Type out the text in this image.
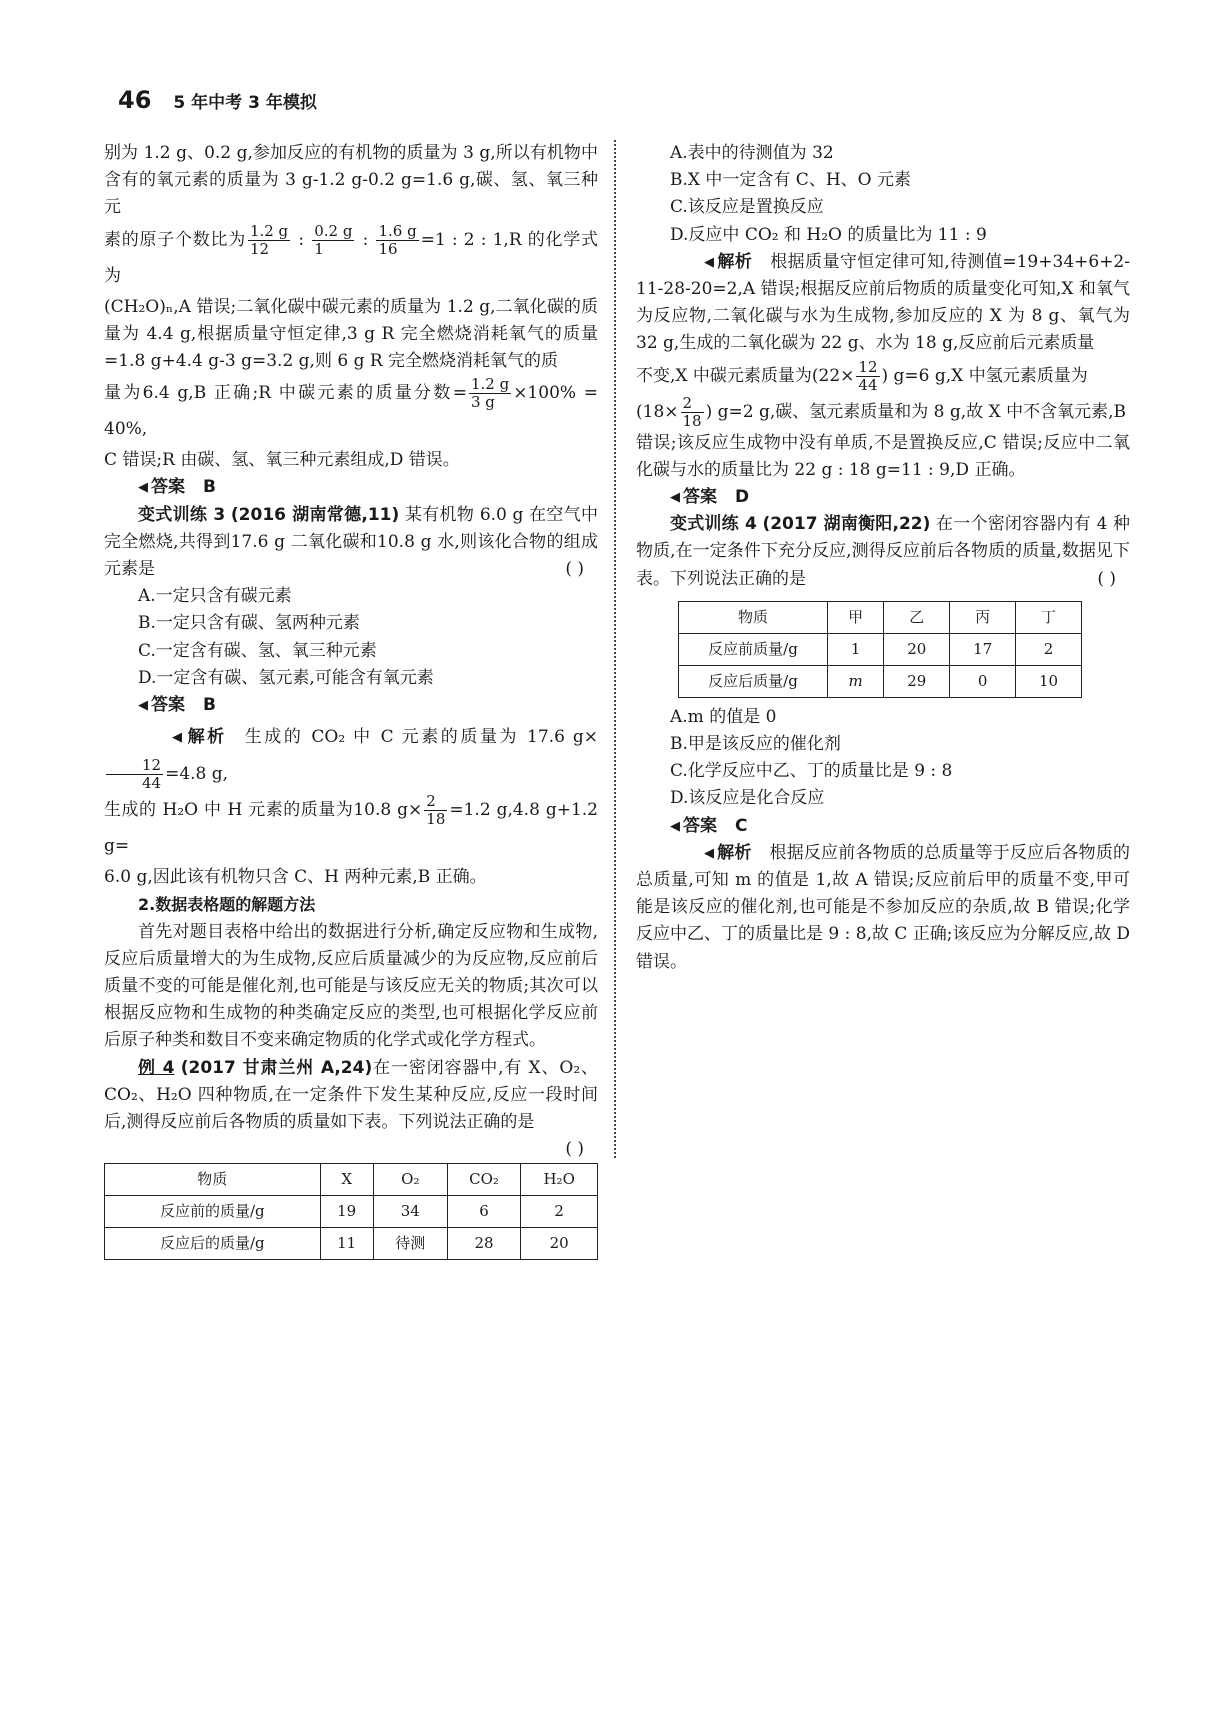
46 5 年中考 3 年模拟

别为 1.2 g、0.2 g,参加反应的有机物的质量为 3 g,所以有机物中含有的氧元素的质量为 3 g-1.2 g-0.2 g=1.6 g,碳、氢、氧三种元

素的原子个数比为 $\frac{1.2 g}{12}$ : $\frac{0.2 g}{1}$ : $\frac{1.6 g}{16} =1$ : 2 : 1,R 的化学式为

(CH₂O)ₙ,A 错误;二氧化碳中碳元素的质量为 1.2 g,二氧化碳的质量为 4.4 g,根据质量守恒定律,3 g R 完全燃烧消耗氧气的质量=1.8 g+4.4 g-3 g=3.2 g,则 6 g R 完全燃烧消耗氧气的质

量为6.4 g,B 正确;R 中碳元素的质量分数= $\frac{1.2 g}{3 g} \times 100\% = 40\%$,

C 错误;R 由碳、氢、氧三种元素组成,D 错误。

◀ 答案 B

变式训练 3 (2016 湖南常德,11) 某有机物 6.0 g 在空气中完全燃烧,共得到17.6 g 二氧化碳和10.8 g 水,则该化合物的组成元素是	( )

A.一定只含有碳元素

B.一定只含有碳、氢两种元素

C.一定含有碳、氢、氧三种元素

D.一定含有碳、氢元素,可能含有氧元素

◀ 答案 B

◀ 解析 生成的 CO₂ 中 C 元素的质量为 17.6 g×
$\frac{12}{44} =4.8$ g,

生成的 H₂O 中 H 元素的质量为10.8 $g\times \frac{2}{18} =1.2$ g,4.8 g+1.2 g=

6.0 g,因此该有机物只含 C、H 两种元素,B 正确。

2.数据表格题的解题方法

首先对题目表格中给出的数据进行分析,确定反应物和生成物,反应后质量增大的为生成物,反应后质量减少的为反应物,反应前后质量不变的可能是催化剂,也可能是与该反应无关的物质;其次可以根据反应物和生成物的种类确定反应的类型,也可根据化学反应前后原子种类和数目不变来确定物质的化学式或化学方程式。

例 4 (2017 甘肃兰州 A,24)在一密闭容器中,有 X、O₂、CO₂、H₂O 四种物质,在一定条件下发生某种反应,反应一段时间后,测得反应前后各物质的质量如下表。下列说法正确的是
( )

物质	X	O₂	CO₂	H₂O
反应前的质量/g	19	34	6	2
反应后的质量/g	11	待测	28	20

A.表中的待测值为 32

B.X 中一定含有 C、H、O 元素

C.该反应是置换反应

D.反应中 CO₂ 和 H₂O 的质量比为 11 : 9

◀ 解析 根据质量守恒定律可知,待测值=19+34+6+2-11-28-20=2,A 错误;根据反应前后物质的质量变化可知,X 和氧气为反应物,二氧化碳与水为生成物,参加反应的 X 为 8 g、氧气为 32 g,生成的二氧化碳为 22 g、水为 18 g,反应前后元素质量

不变,X 中碳元素质量为($22\times \frac{12}{44}$ ) g=6 g,X 中氢元素质量为

($18\times \frac{2}{18}$ ) g=2 g,碳、氢元素质量和为 8 g,故 X 中不含氧元素,B

错误;该反应生成物中没有单质,不是置换反应,C 错误;反应中二氧化碳与水的质量比为 22 g : 18 g=11 : 9,D 正确。

◀ 答案 D

变式训练 4 (2017 湖南衡阳,22) 在一个密闭容器内有 4 种物质,在一定条件下充分反应,测得反应前后各物质的质量,数据见下表。下列说法正确的是	( )

物质	甲	乙	丙	丁
反应前质量/g	1	20	17	2
反应后质量/g	m	29	0	10

A.m 的值是 0

B.甲是该反应的催化剂

C.化学反应中乙、丁的质量比是 9 : 8

D.该反应是化合反应

◀ 答案 C

◀ 解析 根据反应前各物质的总质量等于反应后各物质的总质量,可知 m 的值是 1,故 A 错误;反应前后甲的质量不变,甲可能是该反应的催化剂,也可能是不参加反应的杂质,故 B 错误;化学反应中乙、丁的质量比是 9 : 8,故 C 正确;该反应为分解反应,故 D 错误。
